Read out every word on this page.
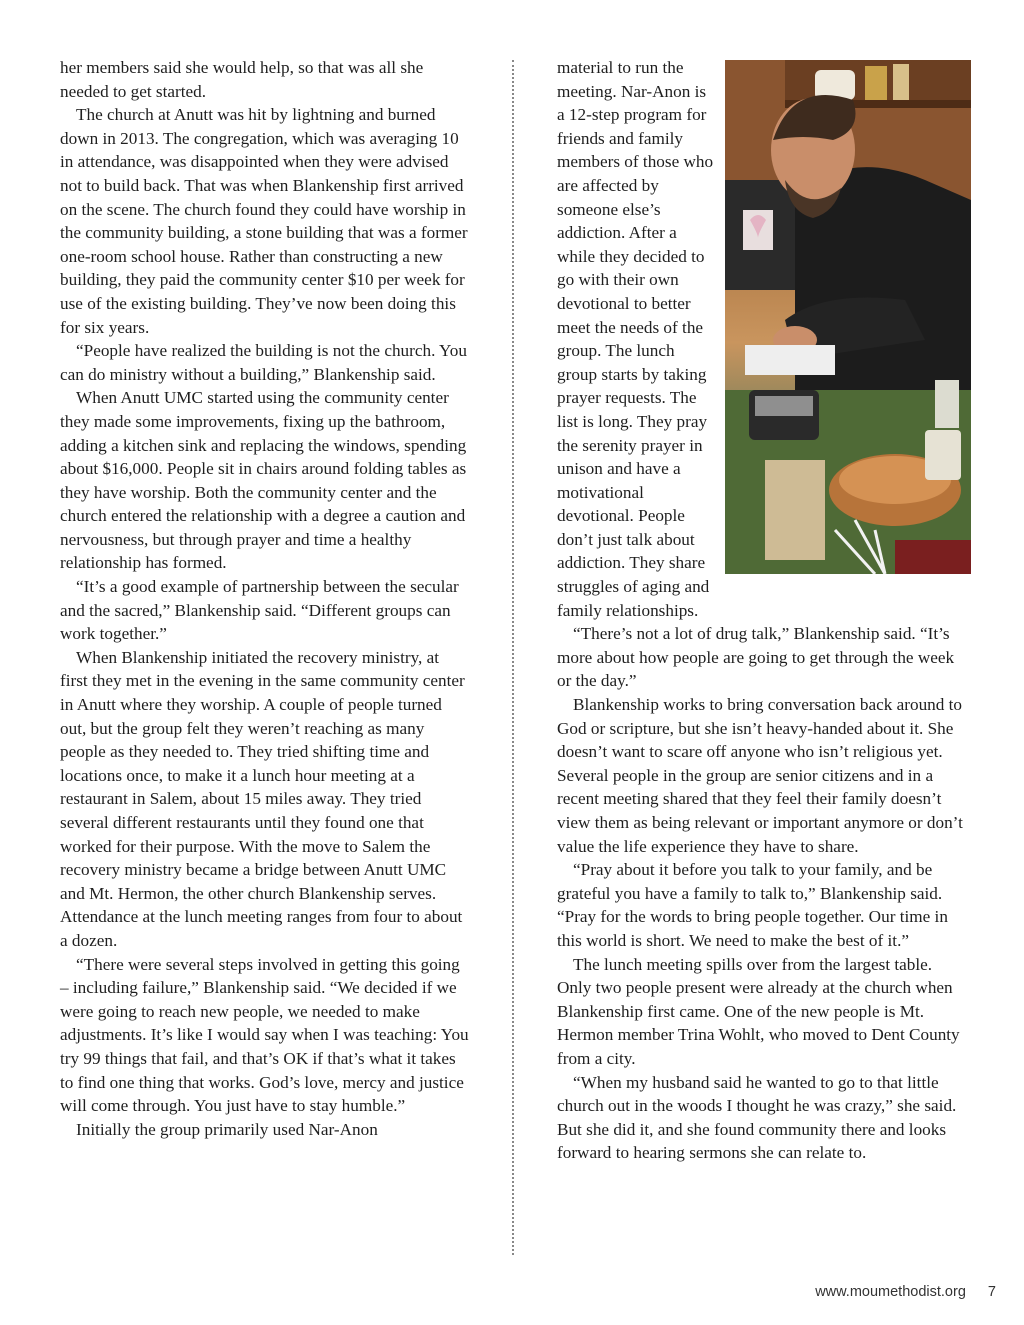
her members said she would help, so that was all she needed to get started.

The church at Anutt was hit by lightning and burned down in 2013. The congregation, which was averaging 10 in attendance, was disappointed when they were advised not to build back. That was when Blankenship first arrived on the scene. The church found they could have worship in the community building, a stone building that was a former one-room school house. Rather than constructing a new building, they paid the community center $10 per week for use of the existing building. They’ve now been doing this for six years.

“People have realized the building is not the church. You can do ministry without a building,” Blankenship said.

When Anutt UMC started using the community center they made some improvements, fixing up the bathroom, adding a kitchen sink and replacing the windows, spending about $16,000. People sit in chairs around folding tables as they have worship. Both the community center and the church entered the relationship with a degree a caution and nervousness, but through prayer and time a healthy relationship has formed.

“It’s a good example of partnership between the secular and the sacred,” Blankenship said. “Different groups can work together.”

When Blankenship initiated the recovery ministry, at first they met in the evening in the same community center in Anutt where they worship. A couple of people turned out, but the group felt they weren’t reaching as many people as they needed to. They tried shifting time and locations once, to make it a lunch hour meeting at a restaurant in Salem, about 15 miles away. They tried several different restaurants until they found one that worked for their purpose. With the move to Salem the recovery ministry became a bridge between Anutt UMC and Mt. Hermon, the other church Blankenship serves. Attendance at the lunch meeting ranges from four to about a dozen.

“There were several steps involved in getting this going – including failure,” Blankenship said. “We decided if we were going to reach new people, we needed to make adjustments. It’s like I would say when I was teaching: You try 99 things that fail, and that’s OK if that’s what it takes to find one thing that works. God’s love, mercy and justice will come through. You just have to stay humble.”

Initially the group primarily used Nar-Anon

material to run the meeting. Nar-Anon is a 12-step program for friends and family members of those who are affected by someone else’s addiction. After a while they decided to go with their own devotional to better meet the needs of the group. The lunch group starts by taking prayer requests. The list is long. They pray the serenity prayer in unison and have a motivational devotional. People don’t just talk about addiction. They share struggles of aging and family relationships.

“There’s not a lot of drug talk,” Blankenship said. “It’s more about how people are going to get through the week or the day.”

Blankenship works to bring conversation back around to God or scripture, but she isn’t heavy-handed about it. She doesn’t want to scare off anyone who isn’t religious yet. Several people in the group are senior citizens and in a recent meeting shared that they feel their family doesn’t view them as being relevant or important anymore or don’t value the life experience they have to share.

“Pray about it before you talk to your family, and be grateful you have a family to talk to,” Blankenship said. “Pray for the words to bring people together. Our time in this world is short. We need to make the best of it.”

The lunch meeting spills over from the largest table. Only two people present were already at the church when Blankenship first came. One of the new people is Mt. Hermon member Trina Wohlt, who moved to Dent County from a city.

“When my husband said he wanted to go to that little church out in the woods I thought he was crazy,” she said. But she did it, and she found community there and looks forward to hearing sermons she can relate to.

www.moumethodist.org 7
